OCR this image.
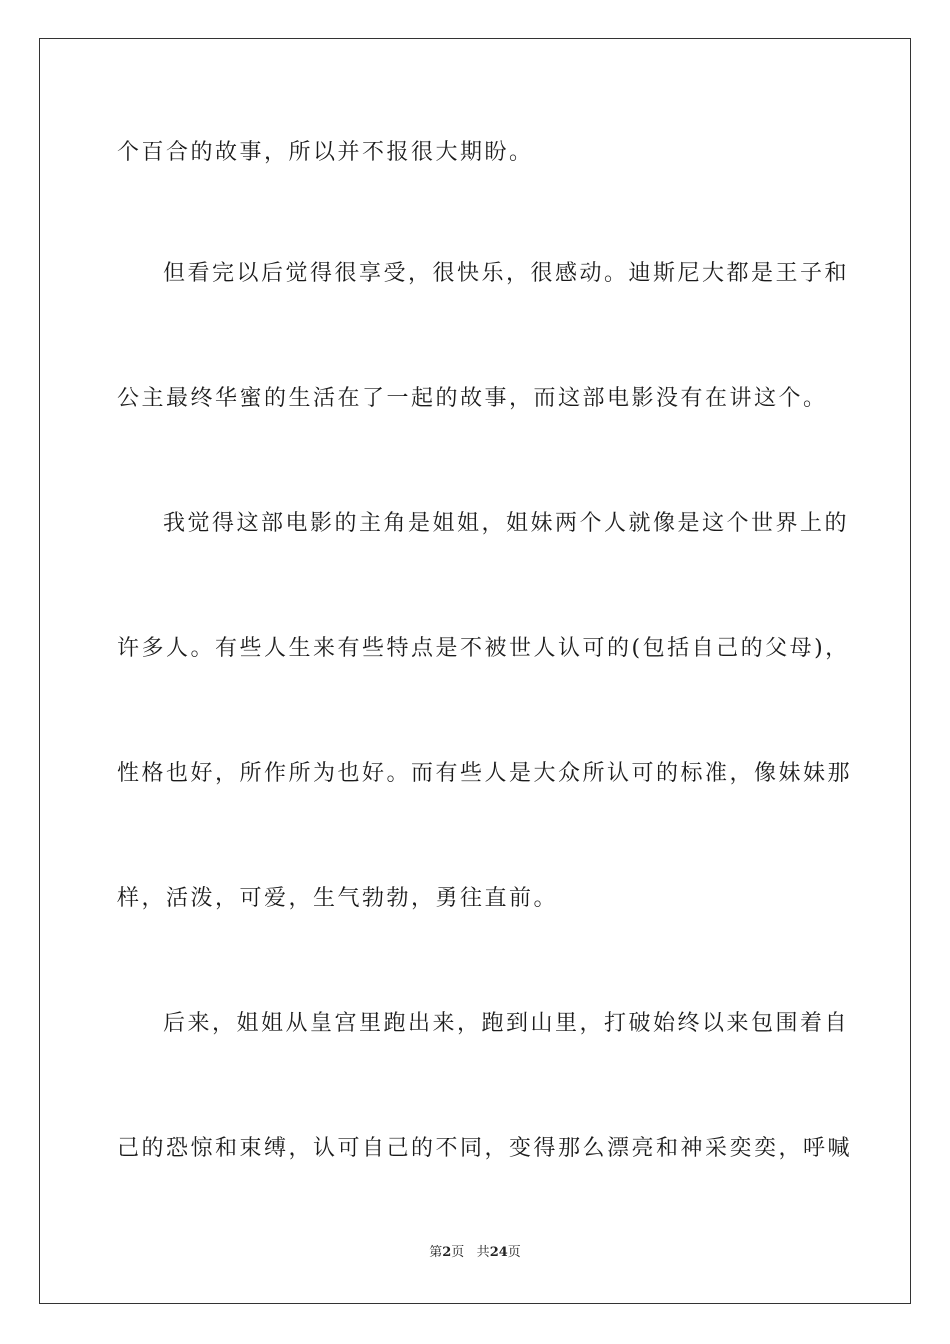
个百合的故事，所以并不报很大期盼。
但看完以后觉得很享受，很快乐，很感动。迪斯尼大都是王子和
公主最终华蜜的生活在了一起的故事，而这部电影没有在讲这个。
我觉得这部电影的主角是姐姐，姐妹两个人就像是这个世界上的
许多人。有些人生来有些特点是不被世人认可的(包括自己的父母)，
性格也好，所作所为也好。而有些人是大众所认可的标准，像妹妹那
样，活泼，可爱，生气勃勃，勇往直前。
后来，姐姐从皇宫里跑出来，跑到山里，打破始终以来包围着自
己的恐惊和束缚，认可自己的不同，变得那么漂亮和神采奕奕，呼喊
第2页 共24页
